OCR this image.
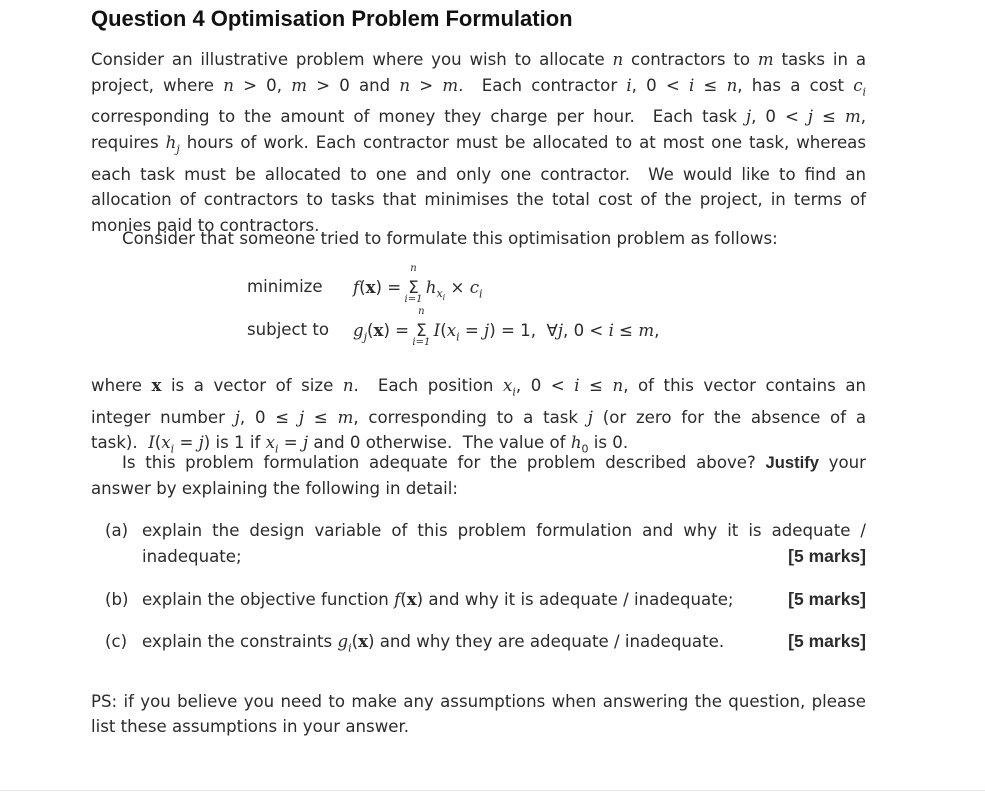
Question 4 Optimisation Problem Formulation

Consider an illustrative problem where you wish to allocate n contractors to m tasks in a
project, where n > 0, m > 0 and n > m.  Each contractor i, 0 < i ≤ n, has a cost $c_i$
corresponding to the amount of money they charge per hour.  Each task j, 0 < j ≤ m,
requires $h_j$ hours of work. Each contractor must be allocated to at most one task, whereas
each task must be allocated to one and only one contractor.  We would like to find an
allocation of contractors to tasks that minimises the total cost of the project, in terms of
monies paid to contractors.

Consider that someone tried to formulate this optimisation problem as follows:

minimize f(x) = Σ
n
i=1
$h_{x_i} \times c_i$
subject to $g_j(x) = \Sigma$
n
i=1
$I(x_i = j) = 1$,  ∀j, 0 < i ≤ m,

where x is a vector of size n.  Each position $x_i$, 0 < i ≤ n, of this vector contains an
integer number j, 0 ≤ j ≤ m, corresponding to a task j (or zero for the absence of a
task).  $I(x_i = j)$ is 1 if $x_i = j$ and 0 otherwise.  The value of $h_0$ is 0.

Is this problem formulation adequate for the problem described above? Justify your
answer by explaining the following in detail:

(a) explain the design variable of this problem formulation and why it is adequate /
inadequate;	[5 marks]
(b) explain the objective function f(x) and why it is adequate / inadequate;	[5 marks]
(c) explain the constraints $g_i(x)$ and why they are adequate / inadequate.	[5 marks]

PS: if you believe you need to make any assumptions when answering the question, please
list these assumptions in your answer.
